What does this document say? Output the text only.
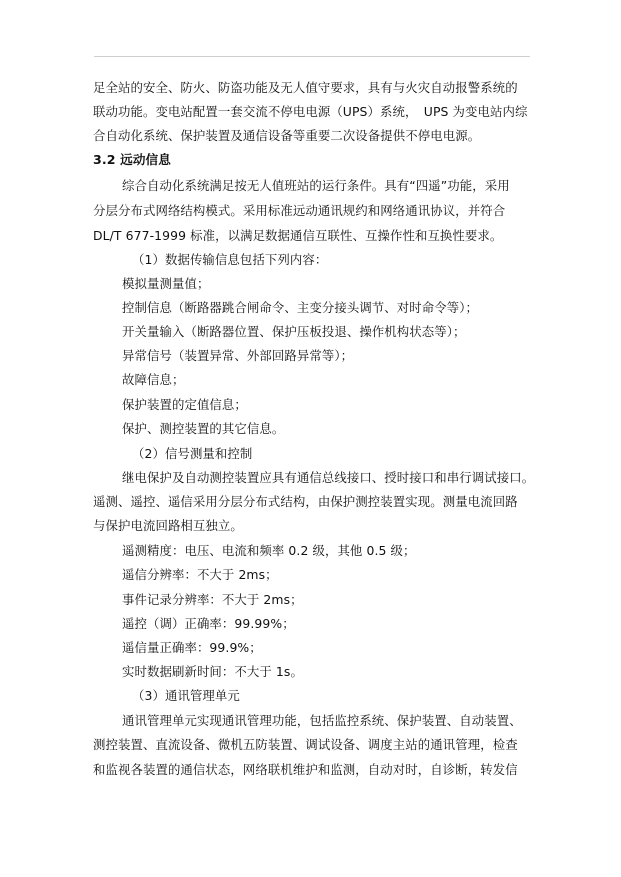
足全站的安全、防火、防盗功能及无人值守要求，具有与火灾自动报警系统的
联动功能。变电站配置一套交流不停电电源（UPS）系统，　UPS 为变电站内综
合自动化系统、保护装置及通信设备等重要二次设备提供不停电电源。
3.2 远动信息
综合自动化系统满足按无人值班站的运行条件。具有“四遥”功能，采用
分层分布式网络结构模式。采用标准远动通讯规约和网络通讯协议，并符合
DL/T 677-1999 标准，以满足数据通信互联性、互操作性和互换性要求。
（1）数据传输信息包括下列内容：
模拟量测量值；
控制信息（断路器跳合闸命令、主变分接头调节、对时命令等）；
开关量输入（断路器位置、保护压板投退、操作机构状态等）；
异常信号（装置异常、外部回路异常等）；
故障信息；
保护装置的定值信息；
保护、测控装置的其它信息。
（2）信号测量和控制
继电保护及自动测控装置应具有通信总线接口、授时接口和串行调试接口。
遥测、遥控、遥信采用分层分布式结构，由保护测控装置实现。测量电流回路
与保护电流回路相互独立。
遥测精度：电压、电流和频率 0.2 级，其他 0.5 级；
遥信分辨率：不大于 2ms；
事件记录分辨率：不大于 2ms；
遥控（调）正确率：99.99%；
遥信量正确率：99.9%；
实时数据刷新时间：不大于 1s。
（3）通讯管理单元
通讯管理单元实现通讯管理功能，包括监控系统、保护装置、自动装置、
测控装置、直流设备、微机五防装置、调试设备、调度主站的通讯管理，检查
和监视各装置的通信状态，网络联机维护和监测，自动对时，自诊断，转发信
